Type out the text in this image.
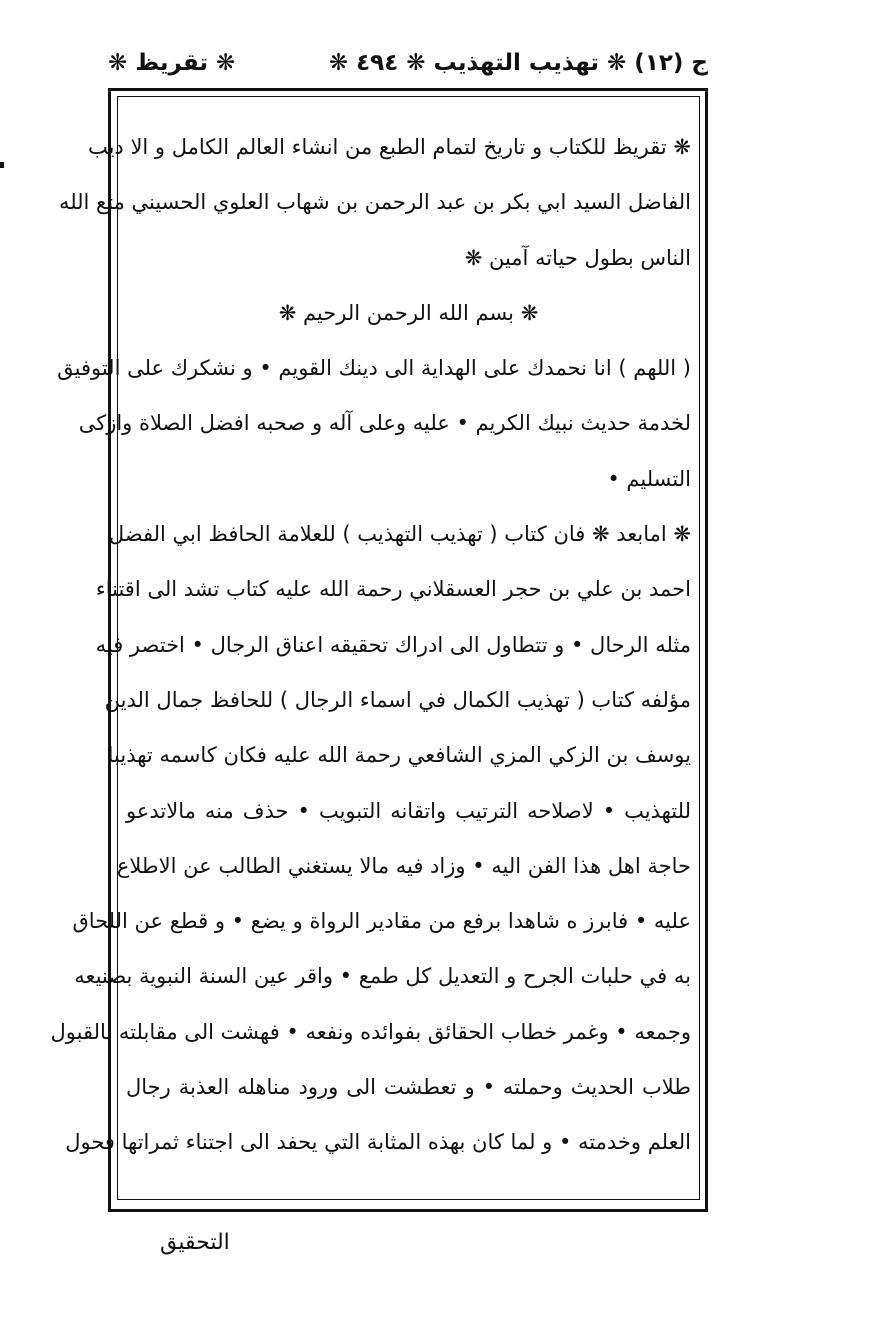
ج (١٢) ❋ تهذيب التهذيب ❋ ٤٩٤ ❋
❋ تقريظ ❋
❋ تقريظ للكتاب و تاريخ لتمام الطبع من انشاء العالم الكامل و الا ديب
الفاضل السيد ابي بكر بن عبد الرحمن بن شهاب العلوي الحسيني متع الله
الناس بطول حياته آمين ❋
❋ بسم الله الرحمن الرحيم ❋
( اللهم ) انا نحمدك على الهداية الى دينك القويم • و نشكرك على التوفيق
لخدمة حديث نبيك الكريم • عليه وعلى آله و صحبه افضل الصلاة وازكى
التسليم •
❋ امابعد ❋ فان كتاب ( تهذيب التهذيب ) للعلامة الحافظ ابي الفضل
احمد بن علي بن حجر العسقلاني رحمة الله عليه كتاب تشد الى اقتناء
مثله الرحال • و تتطاول الى ادراك تحقيقه اعناق الرجال • اختصر فيه
مؤلفه كتاب ( تهذيب الكمال في اسماء الرجال ) للحافظ جمال الدين
يوسف بن الزكي المزي الشافعي رحمة الله عليه فكان كاسمه تهذيبا
للتهذيب • لاصلاحه الترتيب واتقانه التبويب • حذف منه مالاتدعو
حاجة اهل هذا الفن اليه • وزاد فيه مالا يستغني الطالب عن الاطلاع
عليه • فابرز ه شاهدا برفع من مقادير الرواة و يضع • و قطع عن اللحاق
به في حلبات الجرح و التعديل كل طمع • واقر عين السنة النبوية بصنيعه
وجمعه • وغمر خطاب الحقائق بفوائده ونفعه • فهشت الى مقابلته بالقبول
طلاب الحديث وحملته • و تعطشت الى ورود مناهله العذبة رجال
العلم وخدمته • و لما كان بهذه المثابة التي يحفد الى اجتناء ثمراتها فحول
التحقيق
